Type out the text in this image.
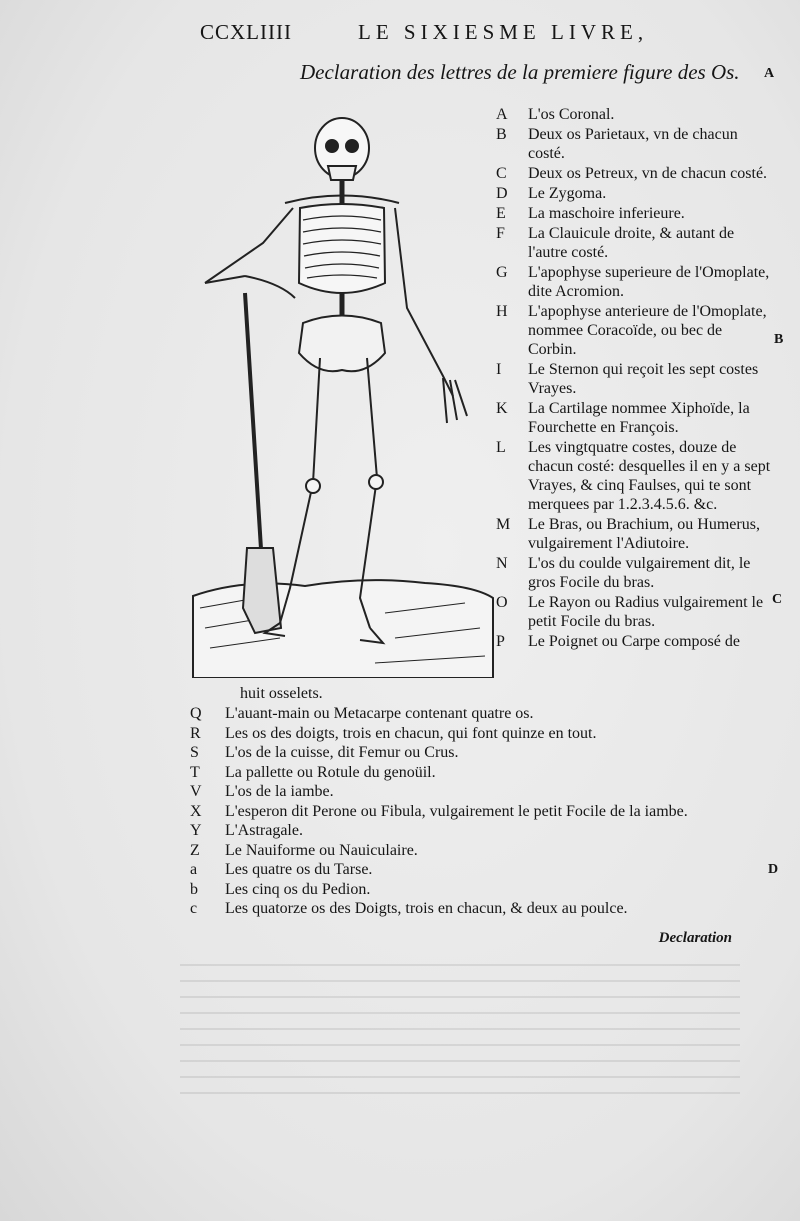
CCXLIIII	LE SIXIESME LIVRE,
Declaration des lettres de la premiere figure des Os. A
B
C
D
A L'os Coronal.
B Deux os Parietaux, vn de chacun costé.
C Deux os Petreux, vn de chacun costé.
D Le Zygoma.
E La maschoire inferieure.
F La Clauicule droite, & autant de l'autre costé.
G L'apophyse superieure de l'Omoplate, dite Acromion.
H L'apophyse anterieure de l'Omoplate, nommee Coracoïde, ou bec de Corbin.
I Le Sternon qui reçoit les sept costes Vrayes.
K La Cartilage nommee Xiphoïde, la Fourchette en François.
L Les vingtquatre costes, douze de chacun costé: desquelles il en y a sept Vrayes, & cinq Faulses, qui te sont merquees par 1.2.3.4.5.6. &c.
M Le Bras, ou Brachium, ou Humerus, vulgairement l'Adiutoire.
N L'os du coulde vulgairement dit, le gros Focile du bras.
O Le Rayon ou Radius vulgairement le petit Focile du bras.
P Le Poignet ou Carpe composé de
huit osselets.
Q L'auant-main ou Metacarpe contenant quatre os.
R Les os des doigts, trois en chacun, qui font quinze en tout.
S L'os de la cuisse, dit Femur ou Crus.
T La pallette ou Rotule du genoüil.
V L'os de la iambe.
X L'esperon dit Perone ou Fibula, vulgairement le petit Focile de la iambe.
Y L'Astragale.
Z Le Nauiforme ou Nauiculaire.
a Les quatre os du Tarse.
b Les cinq os du Pedion.
c Les quatorze os des Doigts, trois en chacun, & deux au poulce.
Declaration
